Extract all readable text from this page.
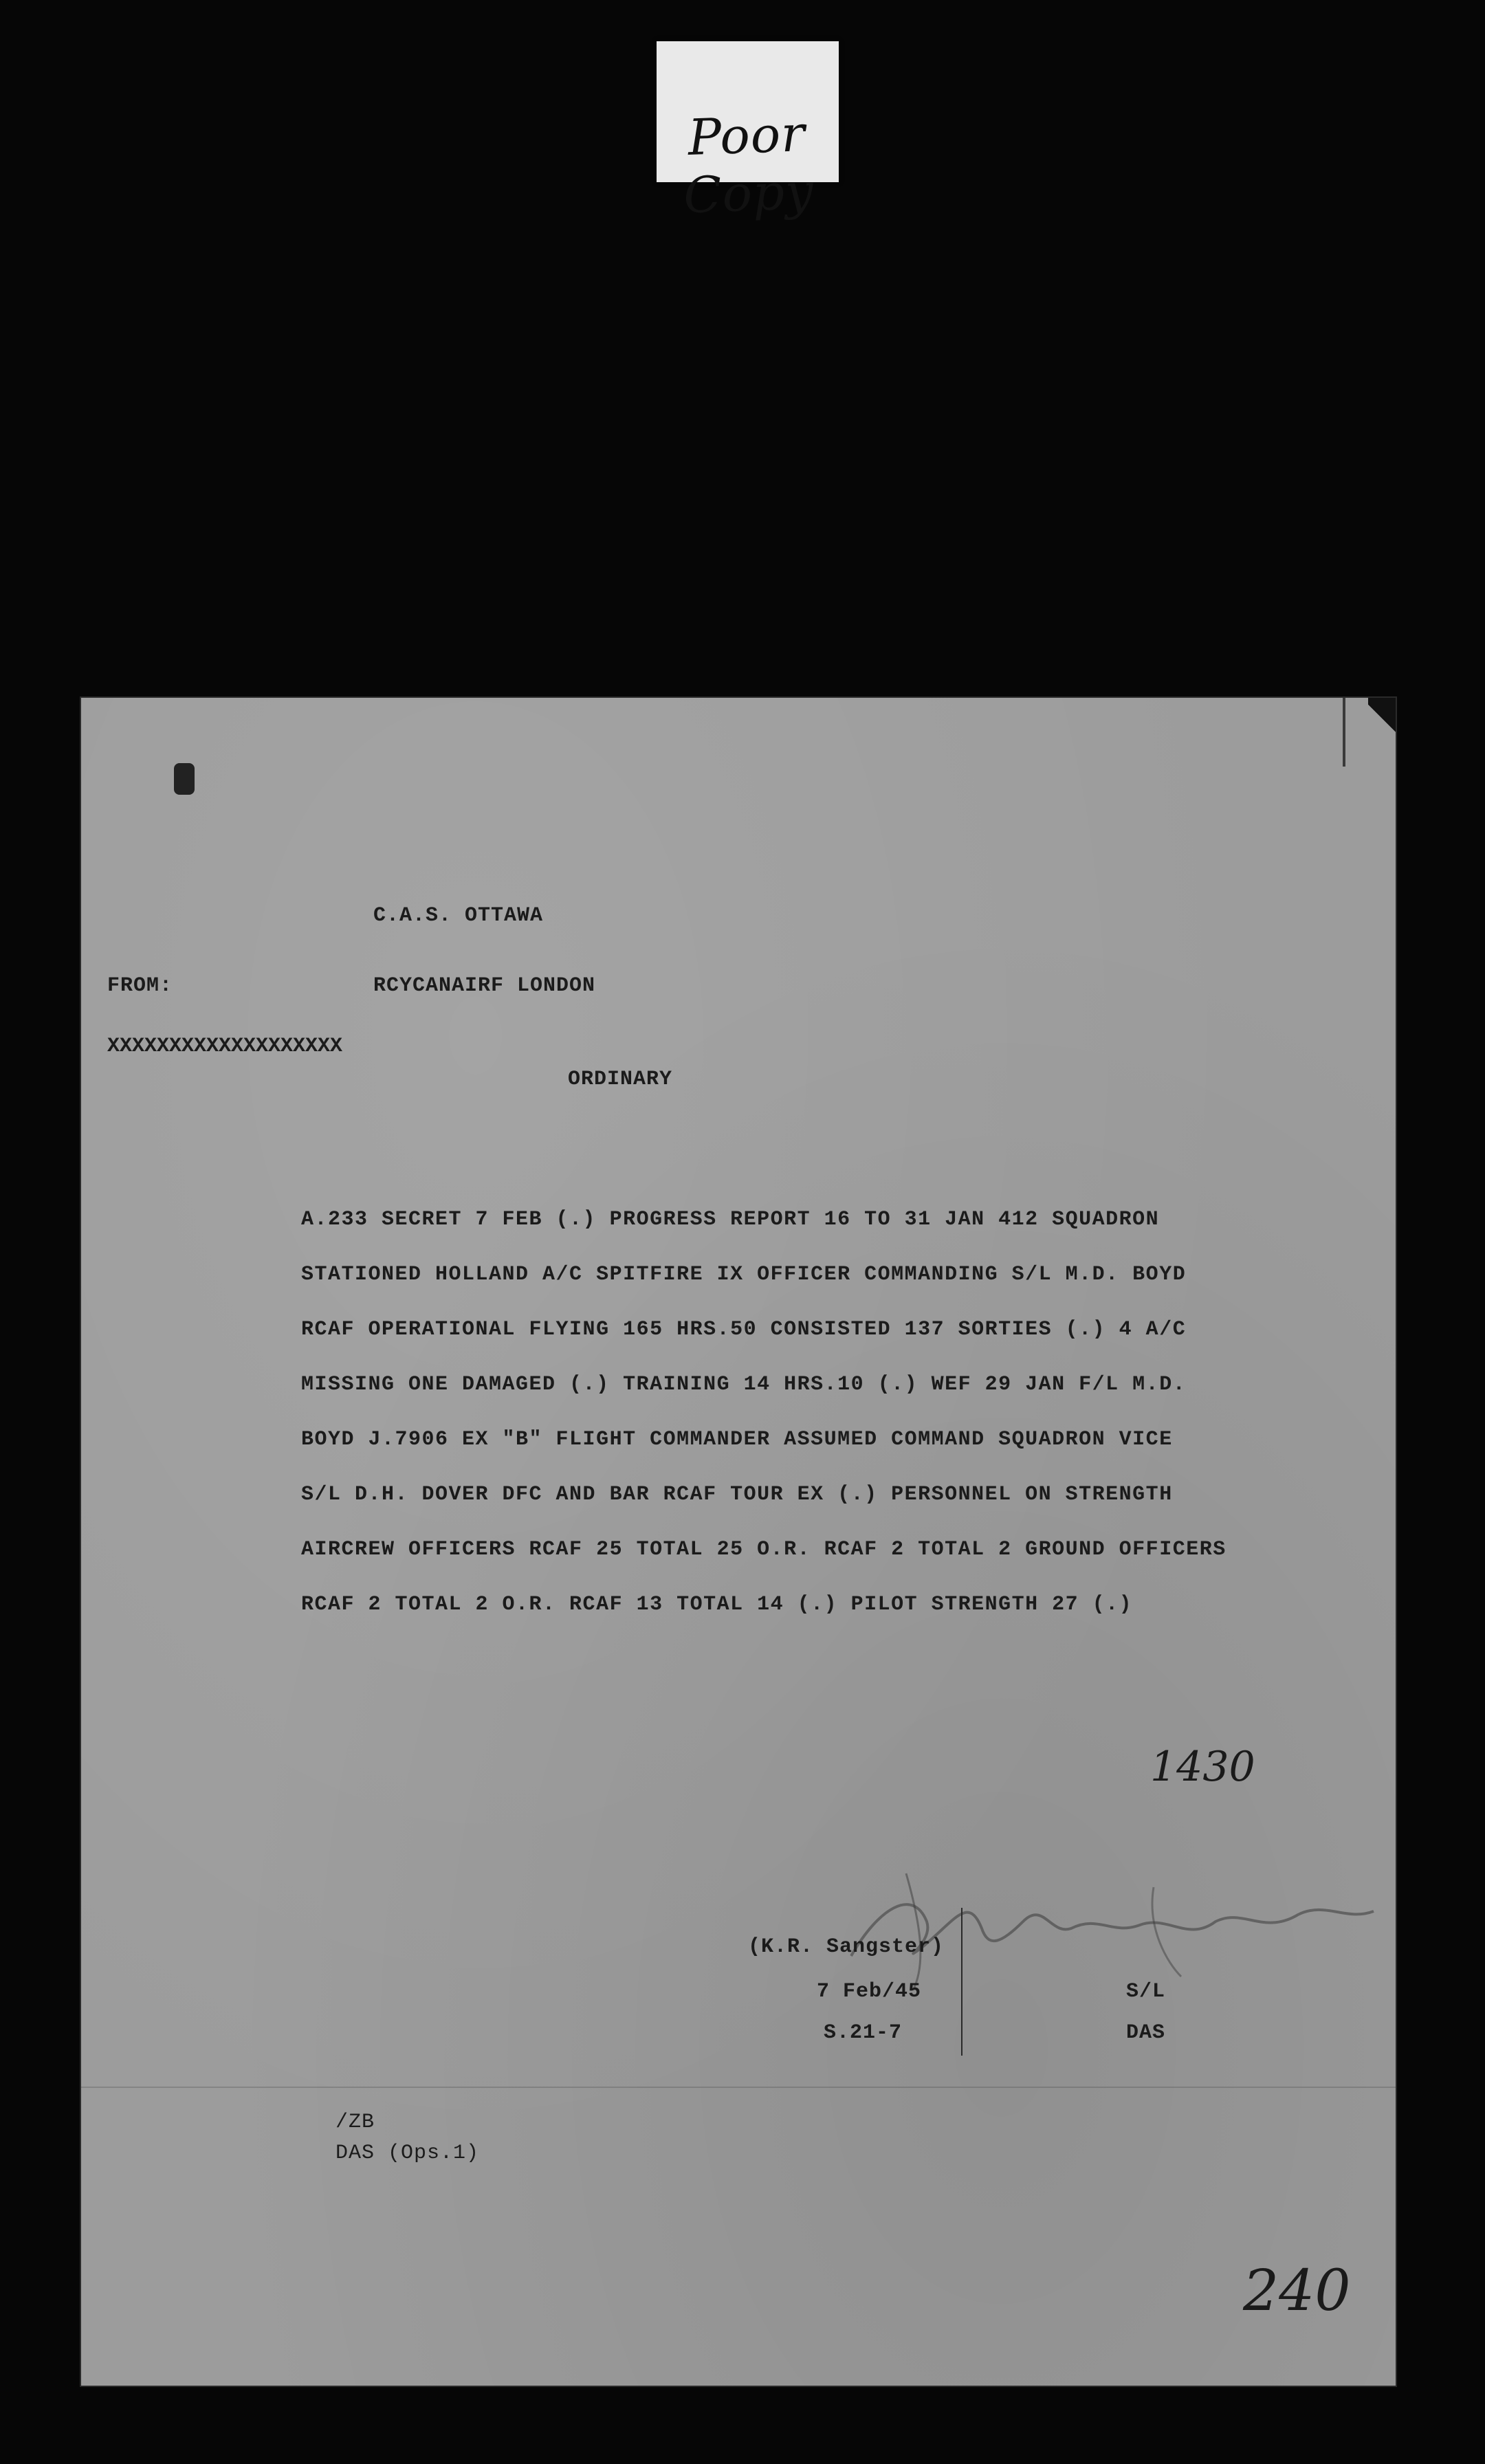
Poor Copy
C.A.S. OTTAWA
FROM:	RCYCANAIRF LONDON
XXXXXXXXXXXXXXXXXXX
ORDINARY
A.233 SECRET 7 FEB (.) PROGRESS REPORT 16 TO 31 JAN 412 SQUADRON
STATIONED HOLLAND A/C SPITFIRE IX OFFICER COMMANDING S/L M.D. BOYD
RCAF OPERATIONAL FLYING 165 HRS.50 CONSISTED 137 SORTIES (.) 4 A/C
MISSING ONE DAMAGED (.) TRAINING 14 HRS.10 (.) WEF 29 JAN F/L M.D.
BOYD J.7906 EX "B" FLIGHT COMMANDER ASSUMED COMMAND SQUADRON VICE
S/L D.H. DOVER DFC AND BAR RCAF TOUR EX (.) PERSONNEL ON STRENGTH
AIRCREW OFFICERS RCAF 25 TOTAL 25 O.R. RCAF 2 TOTAL 2 GROUND OFFICERS
RCAF 2 TOTAL 2 O.R. RCAF 13 TOTAL 14 (.) PILOT STRENGTH 27 (.)
1430
(K.R. Sangster)
7 Feb/45
S.21-7
S/L
DAS
/ZB
DAS (Ops.1)
240
